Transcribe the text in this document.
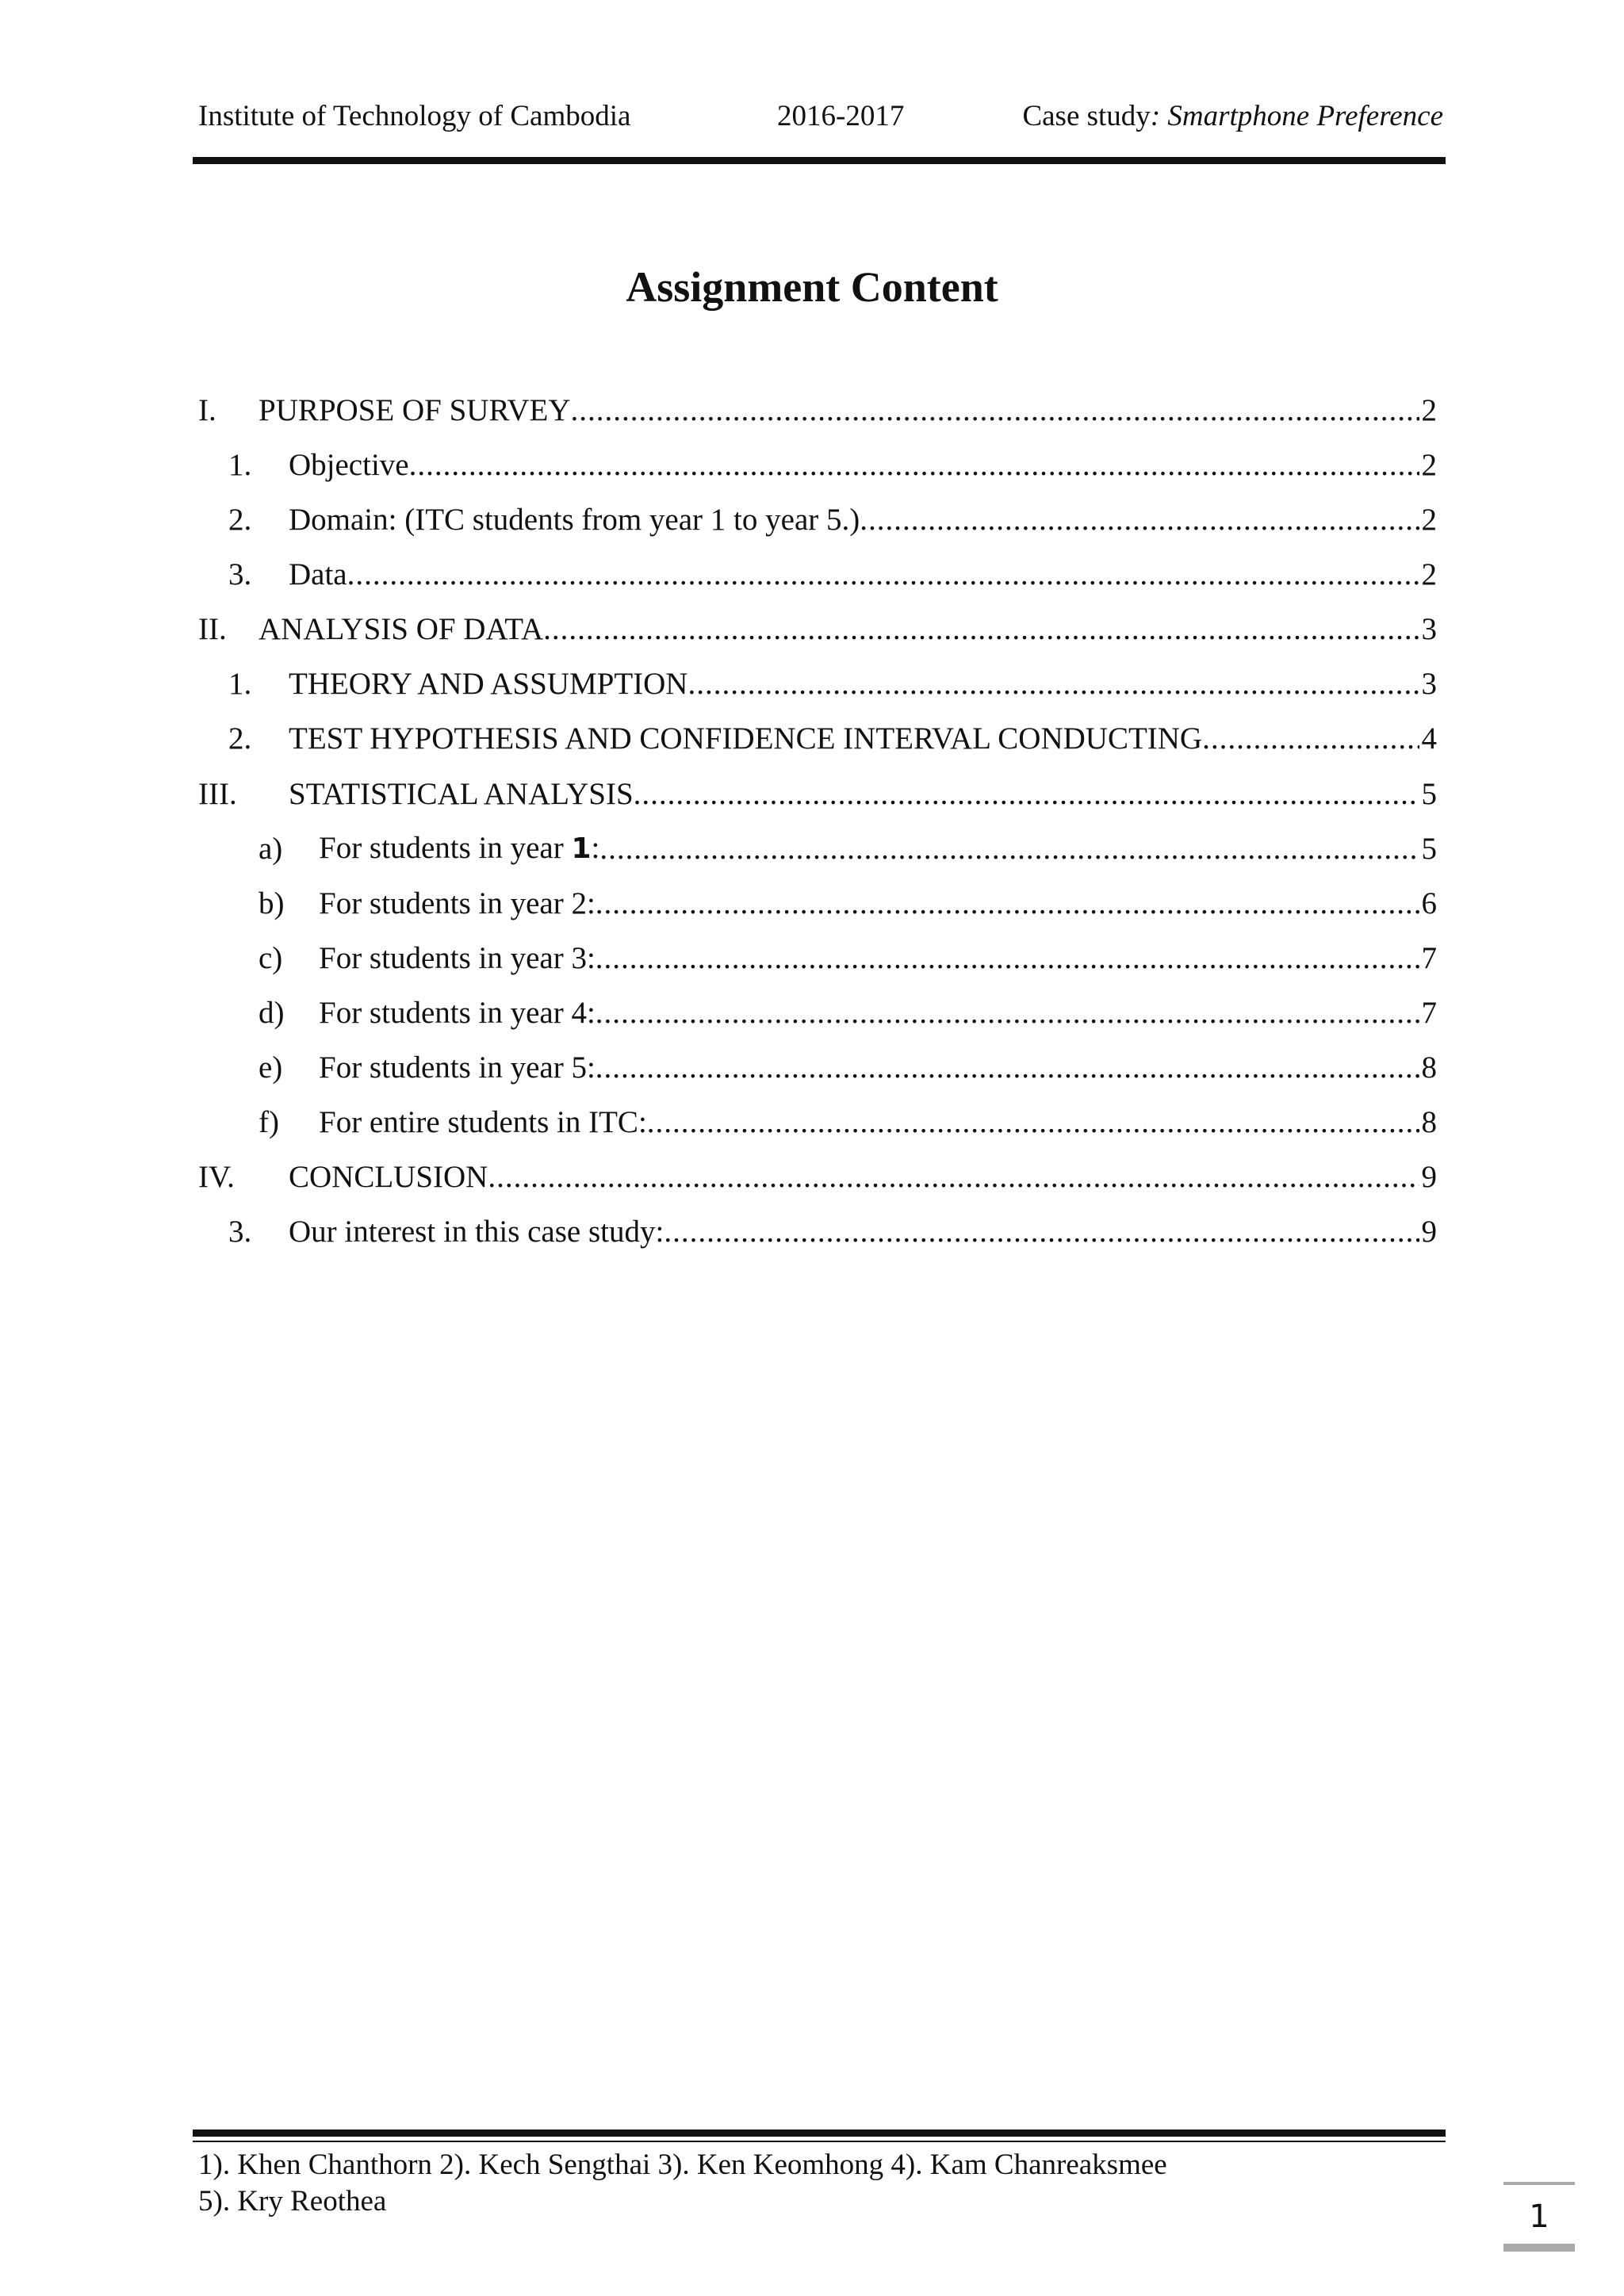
Institute of Technology of Cambodia	2016-2017	Case study: Smartphone Preference
Assignment Content
I.	PURPOSE OF SURVEY .....	2
1.	Objective .....	2
2.	Domain: (ITC students from year 1 to year 5.) .....	2
3.	Data .....	2
II.	ANALYSIS OF DATA .....	3
1.	THEORY AND ASSUMPTION .....	3
2.	TEST HYPOTHESIS AND CONFIDENCE INTERVAL CONDUCTING .....	4
III.	STATISTICAL ANALYSIS .....	5
a)	For students in year 1: .....	5
b)	For students in year 2: .....	6
c)	For students in year 3: .....	7
d)	For students in year 4: .....	7
e)	For students in year 5: .....	8
f)	For entire students in ITC: .....	8
IV.	CONCLUSION .....	9
3.	Our interest in this case study: .....	9
1). Khen Chanthorn 2). Kech Sengthai 3). Ken Keomhong 4). Kam Chanreaksmee
5). Kry Reothea	1
